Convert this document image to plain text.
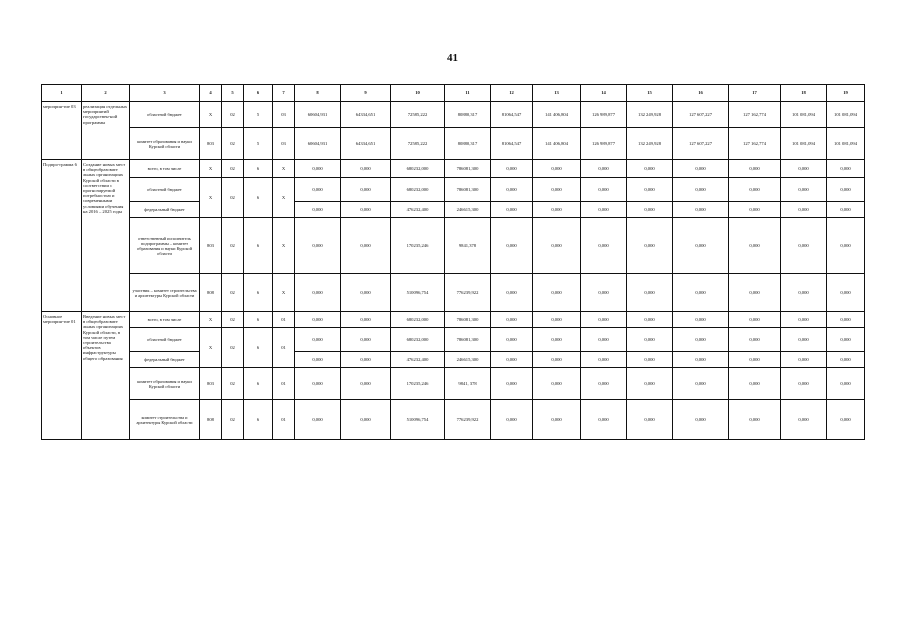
41
1	2	3	4	5	6	7	8	9	10	11	12	13	14	15	16	17	18	19
мероприя-тие 03	реализация отдельных мероприятий государствен-ной программы	областной бюджет	Х	02	5	03	60604,931	64334,651	72585,222	80880,317	81064,547	141 406,804	126 989,877	132 249,928	127 607,227	127 162,774	101 081,094	101 081,094
		комитет образования и науки Курской области	803	02	5	03	60604,931	64334,651	72585,222	80880,317	81064,547	141 406,804	126 989,877	132 249,928	127 607,227	127 162,774	101 081,094	101 081,094
Подпро-грамма 6	Создание новых мест в общеобразовате льных организациях Курской области в соответствии с прогнозируемой потребностью и современными условиями обучения на 2016 – 2025 годы	всего, в том числе	Х	02	6	Х	0,000	0,000	680232,000	786081,300	0,000	0,000	0,000	0,000	0,000	0,000	0,000	0,000
		областной бюджет	Х	02	6	Х	0,000	0,000	680232,000	786081,300	0,000	0,000	0,000	0,000	0,000	0,000	0,000	0,000
		федеральный бюджет					0,000	0,000	476232,400	246615,300	0,000	0,000	0,000	0,000	0,000	0,000	0,000	0,000
		ответственный исполнитель подпрограммы – комитет образования и науки Курской области	803	02	6	Х	0,000	0,000	170235,246	9841,378	0,000	0,000	0,000	0,000	0,000	0,000	0,000	0,000
		участник – комитет строительства и архитектуры Курской области	808	02	6	Х	0,000	0,000	510096,754	776239,922	0,000	0,000	0,000	0,000	0,000	0,000	0,000	0,000
Основное мероприя-тие 01	Введение новых мест в общеобразовате льных организациях Курской области, в том числе путем строительства объектов инфраструктуры общего образования	всего, в том числе	Х	02	6	01	0,000	0,000	680232,000	786081,300	0,000	0,000	0,000	0,000	0,000	0,000	0,000	0,000
		областной бюджет	Х	02	6	01	0,000	0,000	680232,000	786081,300	0,000	0,000	0,000	0,000	0,000	0,000	0,000	0,000
		федеральный бюджет					0,000	0,000	476232,400	246615,300	0,000	0,000	0,000	0,000	0,000	0,000	0,000	0,000
		комитет образования и науки Курской области	803	02	6	01	0,000	0,000	170235,246	9841, 378	0,000	0,000	0,000	0,000	0,000	0,000	0,000	0,000
		комитет строительства и архитектуры Курской области	808	02	6	01	0,000	0,000	510096,754	776239,922	0,000	0,000	0,000	0,000	0,000	0,000	0,000	0,000
